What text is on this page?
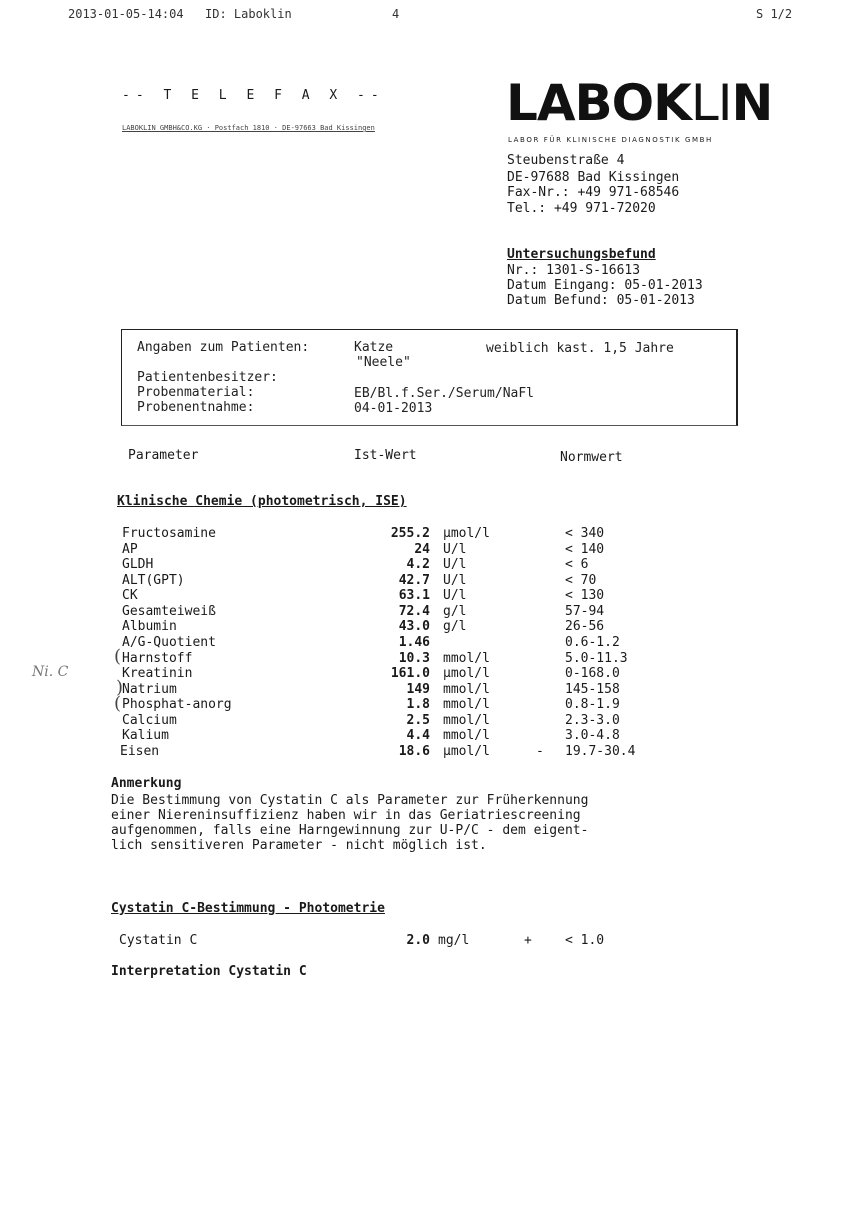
2013-01-05-14:04 ID: Laboklin	4	S 1/2
-- T E L E F A X --
LABOKLIN GMBH&CO.KG · Postfach 1810 · DE-97663 Bad Kissingen	LABOKLIN
LABOR FÜR KLINISCHE DIAGNOSTIK GMBH
Steubenstraße 4
DE-97688 Bad Kissingen
Fax-Nr.: +49 971-68546
Tel.: +49 971-72020
Untersuchungsbefund
Nr.: 1301-S-16613
Datum Eingang: 05-01-2013
Datum Befund: 05-01-2013
Angaben zum Patienten:	Katze	weiblich kast. 1,5 Jahre
"Neele"
Patientenbesitzer:
Probenmaterial:	EB/Bl.f.Ser./Serum/NaFl
Probenentnahme:	04-01-2013
Parameter	Ist-Wert	Normwert
Klinische Chemie (photometrisch, ISE)
Fructosamine	255.2 µmol/l	< 340
AP	24 U/l	< 140
GLDH	4.2 U/l	< 6
ALT(GPT)	42.7 U/l	< 70
CK	63.1 U/l	< 130
Gesamteiweiß	72.4 g/l	57-94
Albumin	43.0 g/l	26-56
A/G-Quotient	1.46	0.6-1.2
Harnstoff	10.3 mmol/l	5.0-11.3
Kreatinin	161.0 µmol/l	0-168.0
Natrium	149 mmol/l	145-158
Phosphat-anorg	1.8 mmol/l	0.8-1.9
Calcium	2.5 mmol/l	2.3-3.0
Kalium	4.4 mmol/l	3.0-4.8
Eisen	18.6 µmol/l	- 19.7-30.4
(
)
(
Ni. C
Anmerkung
Die Bestimmung von Cystatin C als Parameter zur Früherkennung
einer Niereninsuffizienz haben wir in das Geriatriescreening
aufgenommen, falls eine Harngewinnung zur U-P/C - dem eigent-
lich sensitiveren Parameter - nicht möglich ist.
Cystatin C-Bestimmung - Photometrie
Cystatin C	2.0 mg/l	+	< 1.0
Interpretation Cystatin C
